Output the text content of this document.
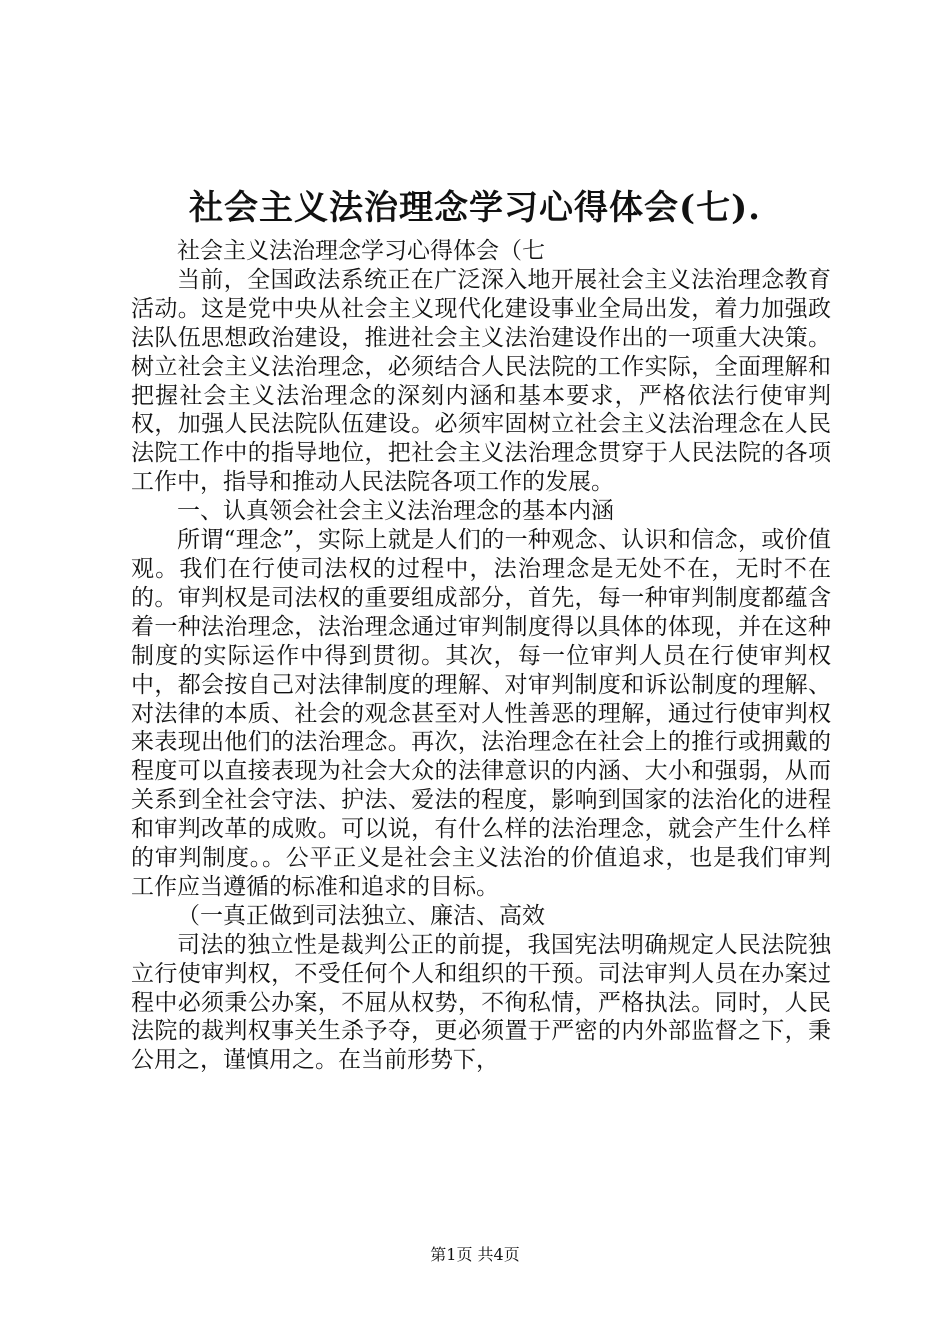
社会主义法治理念学习心得体会(七).

社会主义法治理念学习心得体会（七

当前，全国政法系统正在广泛深入地开展社会主义法治理念教育活动。这是党中央从社会主义现代化建设事业全局出发，着力加强政法队伍思想政治建设，推进社会主义法治建设作出的一项重大决策。树立社会主义法治理念，必须结合人民法院的工作实际，全面理解和把握社会主义法治理念的深刻内涵和基本要求，严格依法行使审判权，加强人民法院队伍建设。必须牢固树立社会主义法治理念在人民法院工作中的指导地位，把社会主义法治理念贯穿于人民法院的各项工作中，指导和推动人民法院各项工作的发展。

一、认真领会社会主义法治理念的基本内涵

所谓“理念”，实际上就是人们的一种观念、认识和信念，或价值观。我们在行使司法权的过程中，法治理念是无处不在，无时不在的。审判权是司法权的重要组成部分，首先，每一种审判制度都蕴含着一种法治理念，法治理念通过审判制度得以具体的体现，并在这种制度的实际运作中得到贯彻。其次，每一位审判人员在行使审判权中，都会按自己对法律制度的理解、对审判制度和诉讼制度的理解、对法律的本质、社会的观念甚至对人性善恶的理解，通过行使审判权来表现出他们的法治理念。再次，法治理念在社会上的推行或拥戴的程度可以直接表现为社会大众的法律意识的内涵、大小和强弱，从而关系到全社会守法、护法、爱法的程度，影响到国家的法治化的进程和审判改革的成败。可以说，有什么样的法治理念，就会产生什么样的审判制度。。公平正义是社会主义法治的价值追求，也是我们审判工作应当遵循的标准和追求的目标。

（一真正做到司法独立、廉洁、高效

司法的独立性是裁判公正的前提，我国宪法明确规定人民法院独立行使审判权，不受任何个人和组织的干预。司法审判人员在办案过程中必须秉公办案，不屈从权势，不徇私情，严格执法。同时，人民法院的裁判权事关生杀予夺，更必须置于严密的内外部监督之下，秉公用之，谨慎用之。在当前形势下，

第1页 共4页
